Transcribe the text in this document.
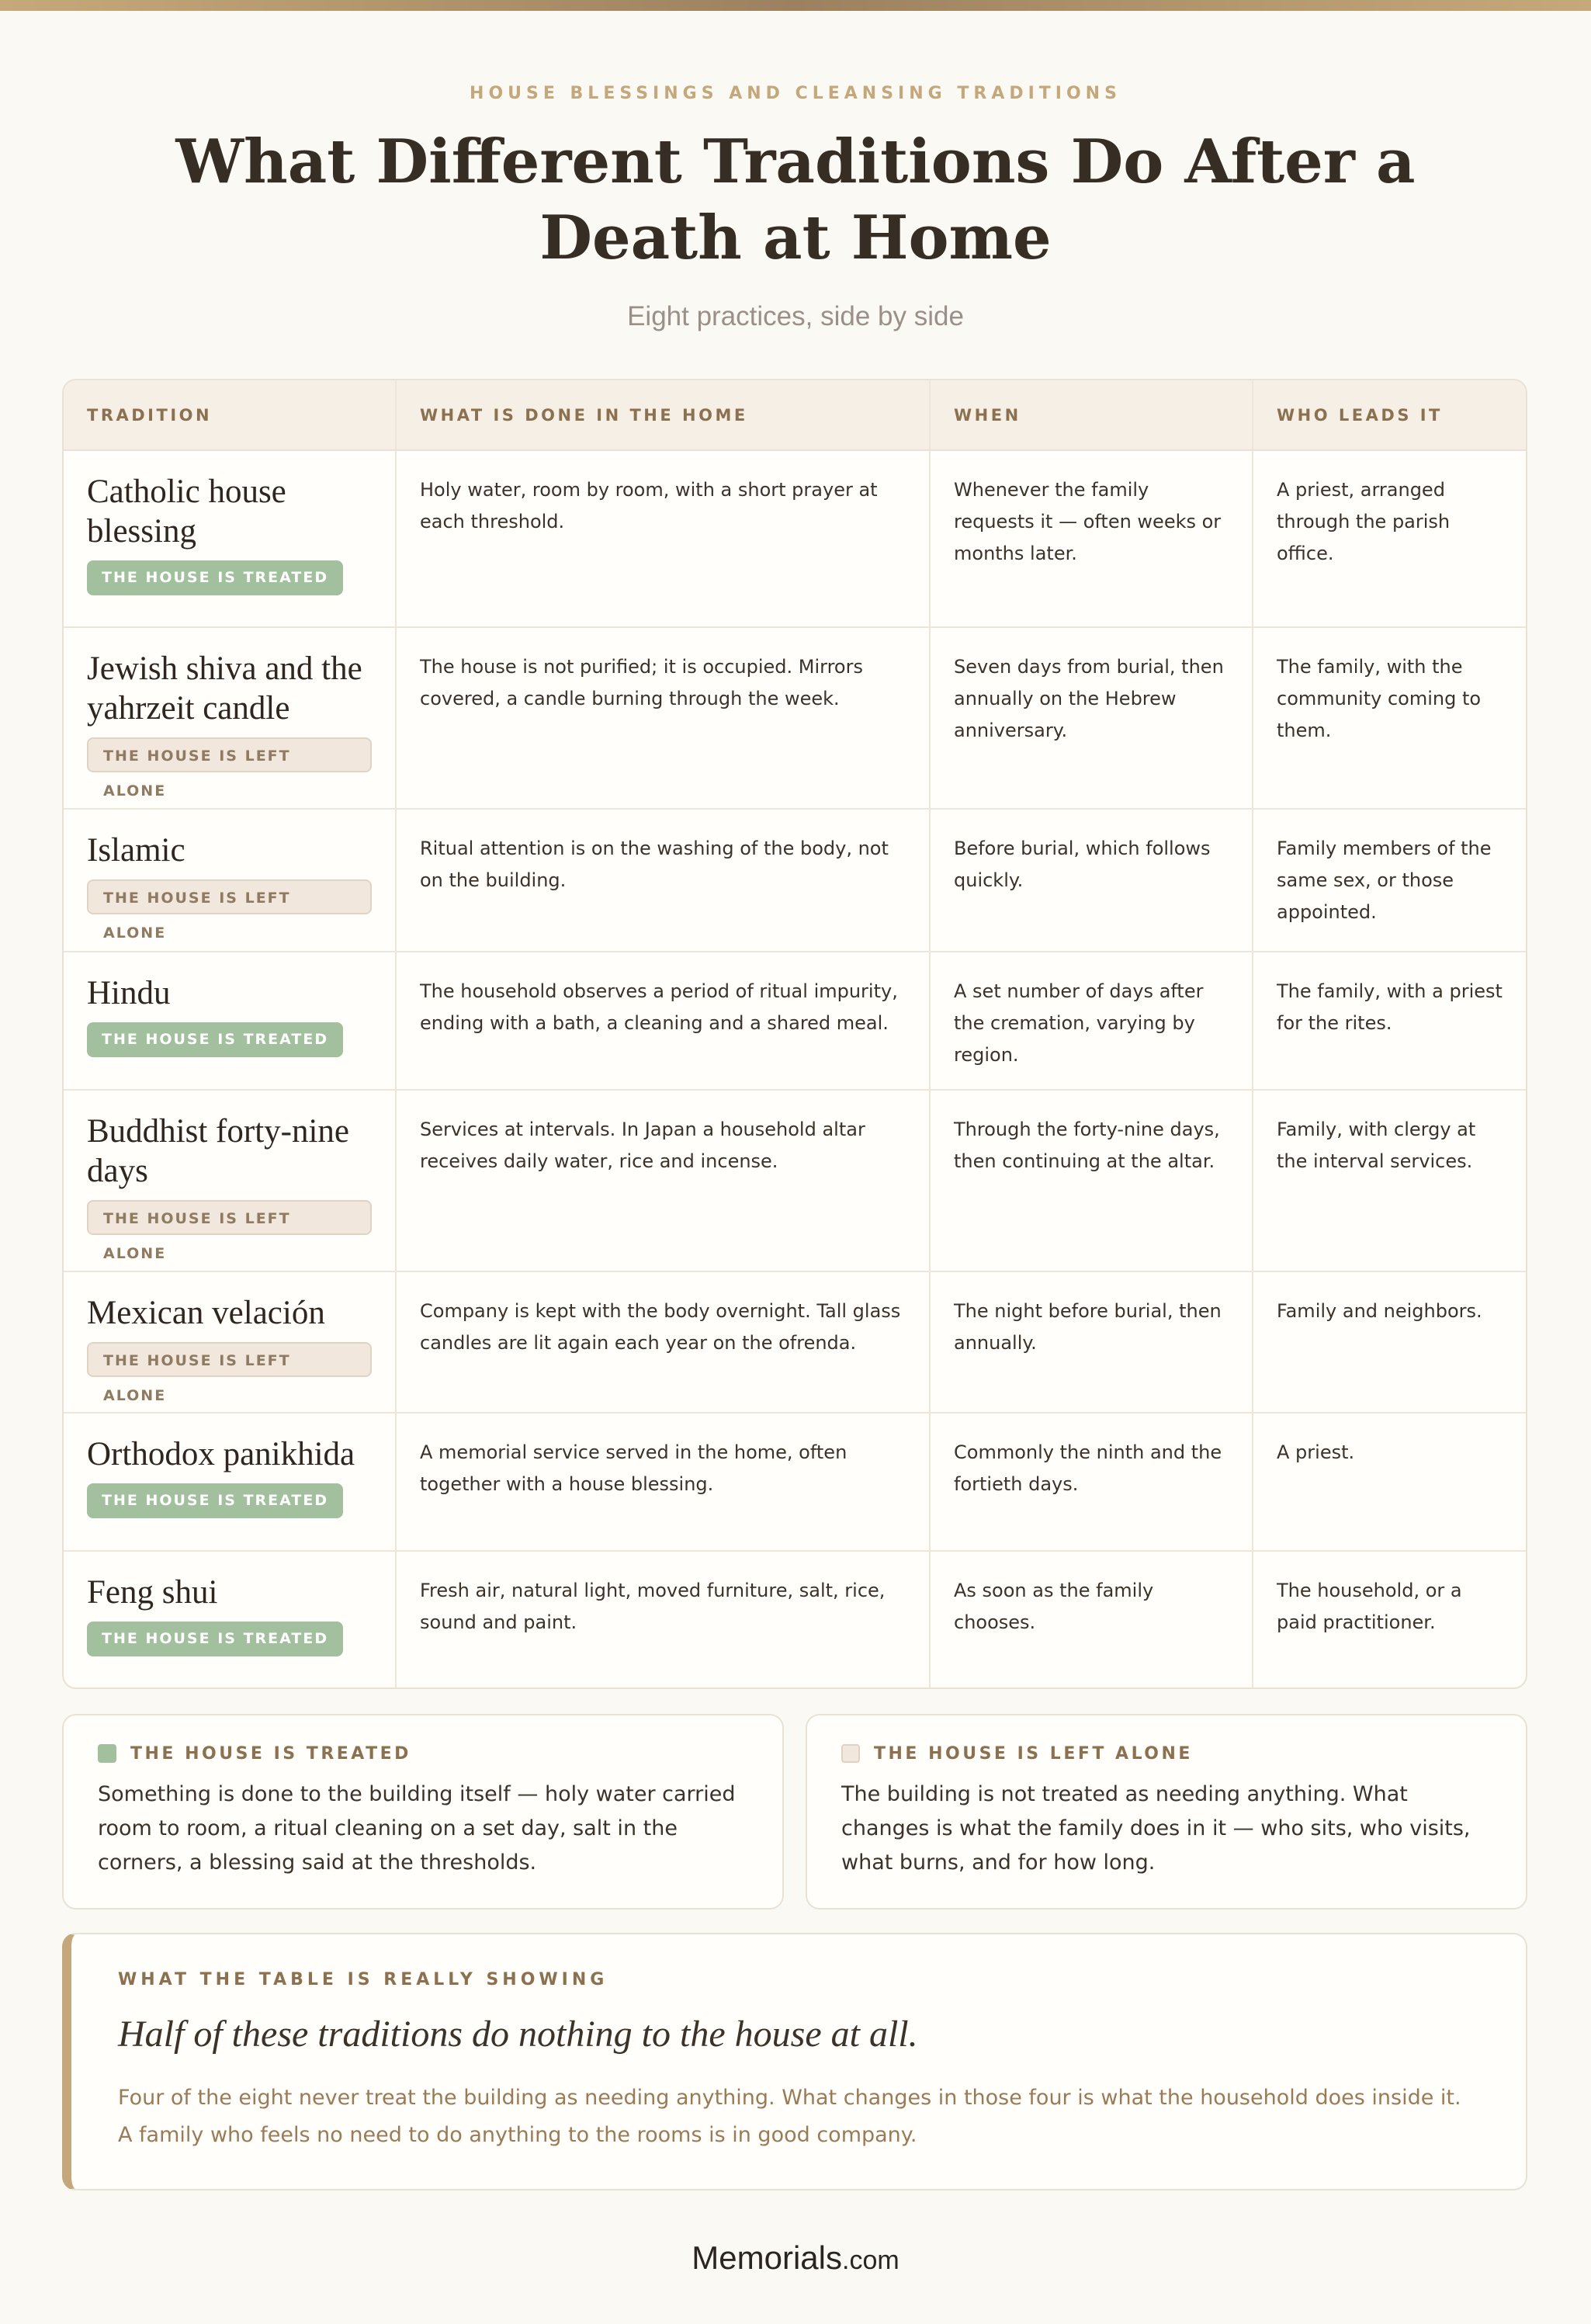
HOUSE BLESSINGS AND CLEANSING TRADITIONS
What Different Traditions Do After a Death at Home
Eight practices, side by side
TRADITION	WHAT IS DONE IN THE HOME	WHEN	WHO LEADS IT

Catholic house blessing
THE HOUSE IS TREATED	Holy water, room by room, with a short prayer at each threshold.	Whenever the family requests it — often weeks or months later.	A priest, arranged through the parish office.

Jewish shiva and the yahrzeit candle
THE HOUSE IS LEFT ALONE	The house is not purified; it is occupied. Mirrors covered, a candle burning through the week.	Seven days from burial, then annually on the Hebrew anniversary.	The family, with the community coming to them.

Islamic
THE HOUSE IS LEFT ALONE	Ritual attention is on the washing of the body, not on the building.	Before burial, which follows quickly.	Family members of the same sex, or those appointed.

Hindu
THE HOUSE IS TREATED	The household observes a period of ritual impurity, ending with a bath, a cleaning and a shared meal.	A set number of days after the cremation, varying by region.	The family, with a priest for the rites.

Buddhist forty-nine days
THE HOUSE IS LEFT ALONE	Services at intervals. In Japan a household altar receives daily water, rice and incense.	Through the forty-nine days, then continuing at the altar.	Family, with clergy at the interval services.

Mexican velación
THE HOUSE IS LEFT ALONE	Company is kept with the body overnight. Tall glass candles are lit again each year on the ofrenda.	The night before burial, then annually.	Family and neighbors.

Orthodox panikhida
THE HOUSE IS TREATED	A memorial service served in the home, often together with a house blessing.	Commonly the ninth and the fortieth days.	A priest.

Feng shui
THE HOUSE IS TREATED	Fresh air, natural light, moved furniture, salt, rice, sound and paint.	As soon as the family chooses.	The household, or a paid practitioner.
THE HOUSE IS TREATED
Something is done to the building itself — holy water carried room to room, a ritual cleaning on a set day, salt in the corners, a blessing said at the thresholds.
THE HOUSE IS LEFT ALONE
The building is not treated as needing anything. What changes is what the family does in it — who sits, who visits, what burns, and for how long.
WHAT THE TABLE IS REALLY SHOWING
Half of these traditions do nothing to the house at all.
Four of the eight never treat the building as needing anything. What changes in those four is what the household does inside it. A family who feels no need to do anything to the rooms is in good company.
Memorials.com
